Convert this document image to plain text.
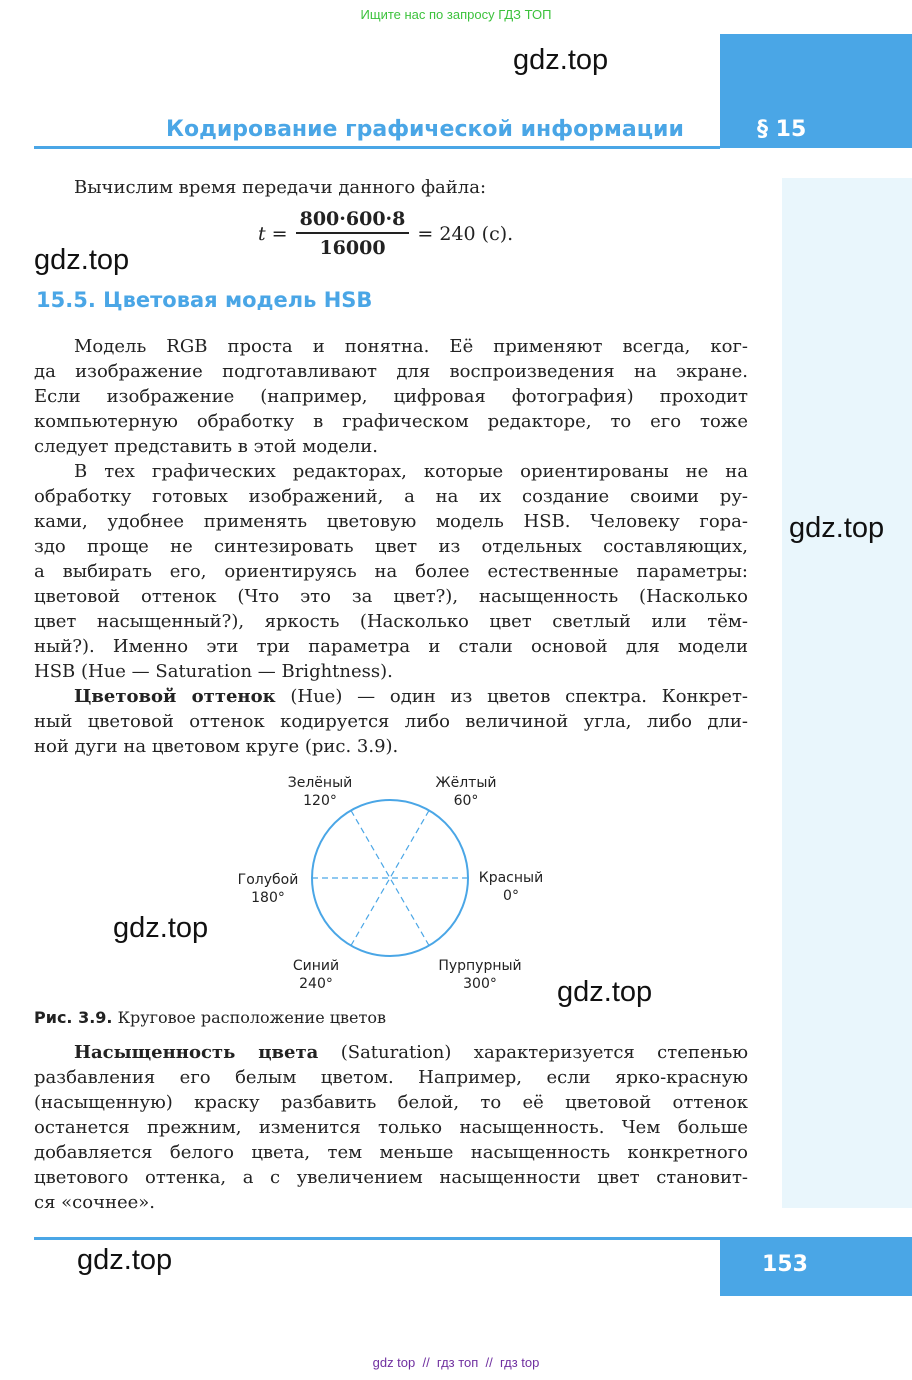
Ищите нас по запросу ГДЗ ТОП
gdz.top
Кодирование графической информации	§ 15
gdz.top
Вычислим время передачи данного файла:
$t = \frac{800\cdot 600\cdot 8}{16000} = 240$ (с).
gdz.top
15.5. Цветовая модель HSB
Модель RGB проста и понятна. Её применяют всегда, ког-
да изображение подготавливают для воспроизведения на экране.
Если изображение (например, цифровая фотография) проходит
компьютерную обработку в графическом редакторе, то его тоже
следует представить в этой модели.
В тех графических редакторах, которые ориентированы не на
обработку готовых изображений, а на их создание своими ру-
ками, удобнее применять цветовую модель HSB. Человеку гора-
здо проще не синтезировать цвет из отдельных составляющих,
а выбирать его, ориентируясь на более естественные параметры:
цветовой оттенок (Что это за цвет?), насыщенность (Насколько
цвет насыщенный?), яркость (Насколько цвет светлый или тём-
ный?). Именно эти три параметра и стали основой для модели
HSB (Hue — Saturation — Brightness).
Цветовой оттенок (Hue) — один из цветов спектра. Конкрет-
ный цветовой оттенок кодируется либо величиной угла, либо дли-
ной дуги на цветовом круге (рис. 3.9).
Зелёный
120°
Жёлтый
60°
Голубой
180°
Красный
0°
Синий
240°
Пурпурный
300°
gdz.top
gdz.top
Рис. 3.9. Круговое расположение цветов
Насыщенность цвета (Saturation) характеризуется степенью
разбавления его белым цветом. Например, если ярко-красную
(насыщенную) краску разбавить белой, то её цветовой оттенок
останется прежним, изменится только насыщенность. Чем больше
добавляется белого цвета, тем меньше насыщенность конкретного
цветового оттенка, а с увеличением насыщенности цвет становит-
ся «сочнее».
153
gdz.top
gdz top  //  гдз топ  //  гдз top
